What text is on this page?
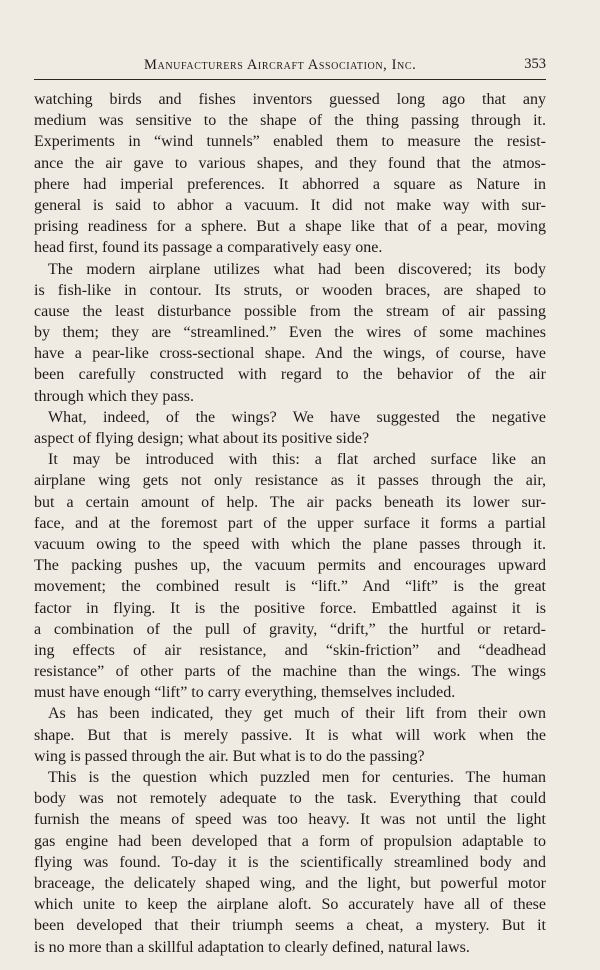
Manufacturers Aircraft Association, Inc.	353
watching birds and fishes inventors guessed long ago that any
medium was sensitive to the shape of the thing passing through it.
Experiments in “wind tunnels” enabled them to measure the resist-
ance the air gave to various shapes, and they found that the atmos-
phere had imperial preferences. It abhorred a square as Nature in
general is said to abhor a vacuum. It did not make way with sur-
prising readiness for a sphere. But a shape like that of a pear, moving
head first, found its passage a comparatively easy one.
The modern airplane utilizes what had been discovered; its body
is fish-like in contour. Its struts, or wooden braces, are shaped to
cause the least disturbance possible from the stream of air passing
by them; they are “streamlined.” Even the wires of some machines
have a pear-like cross-sectional shape. And the wings, of course, have
been carefully constructed with regard to the behavior of the air
through which they pass.
What, indeed, of the wings? We have suggested the negative
aspect of flying design; what about its positive side?
It may be introduced with this: a flat arched surface like an
airplane wing gets not only resistance as it passes through the air,
but a certain amount of help. The air packs beneath its lower sur-
face, and at the foremost part of the upper surface it forms a partial
vacuum owing to the speed with which the plane passes through it.
The packing pushes up, the vacuum permits and encourages upward
movement; the combined result is “lift.” And “lift” is the great
factor in flying. It is the positive force. Embattled against it is
a combination of the pull of gravity, “drift,” the hurtful or retard-
ing effects of air resistance, and “skin-friction” and “deadhead
resistance” of other parts of the machine than the wings. The wings
must have enough “lift” to carry everything, themselves included.
As has been indicated, they get much of their lift from their own
shape. But that is merely passive. It is what will work when the
wing is passed through the air. But what is to do the passing?
This is the question which puzzled men for centuries. The human
body was not remotely adequate to the task. Everything that could
furnish the means of speed was too heavy. It was not until the light
gas engine had been developed that a form of propulsion adaptable to
flying was found. To-day it is the scientifically streamlined body and
braceage, the delicately shaped wing, and the light, but powerful motor
which unite to keep the airplane aloft. So accurately have all of these
been developed that their triumph seems a cheat, a mystery. But it
is no more than a skillful adaptation to clearly defined, natural laws.
